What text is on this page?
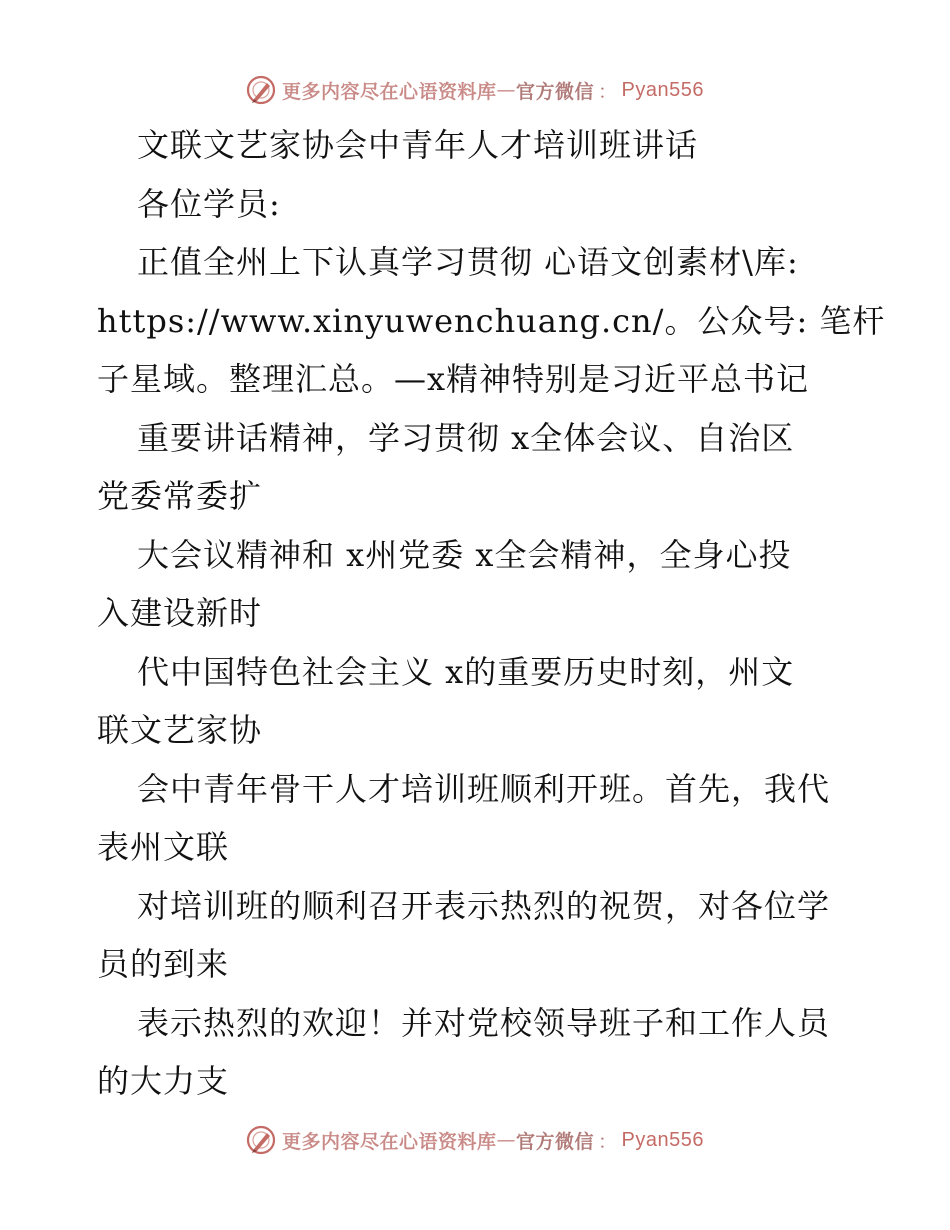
更多内容尽在心语资料库 — 官方微信 ： Pyan556
文联文艺家协会中青年人才培训班讲话
各位学员:
正值全州上下认真学习贯彻 心语文创素材\库:
https://www.xinyuwenchuang.cn/。公众号: 笔杆
子星域。整理汇总。—x精神特别是习近平总书记
重要讲话精神，学习贯彻 x全体会议、自治区
党委常委扩
大会议精神和 x州党委 x全会精神，全身心投
入建设新时
代中国特色社会主义 x的重要历史时刻，州文
联文艺家协
会中青年骨干人才培训班顺利开班。首先，我代
表州文联
对培训班的顺利召开表示热烈的祝贺，对各位学
员的到来
表示热烈的欢迎！并对党校领导班子和工作人员
的大力支
更多内容尽在心语资料库 — 官方微信 ： Pyan556
